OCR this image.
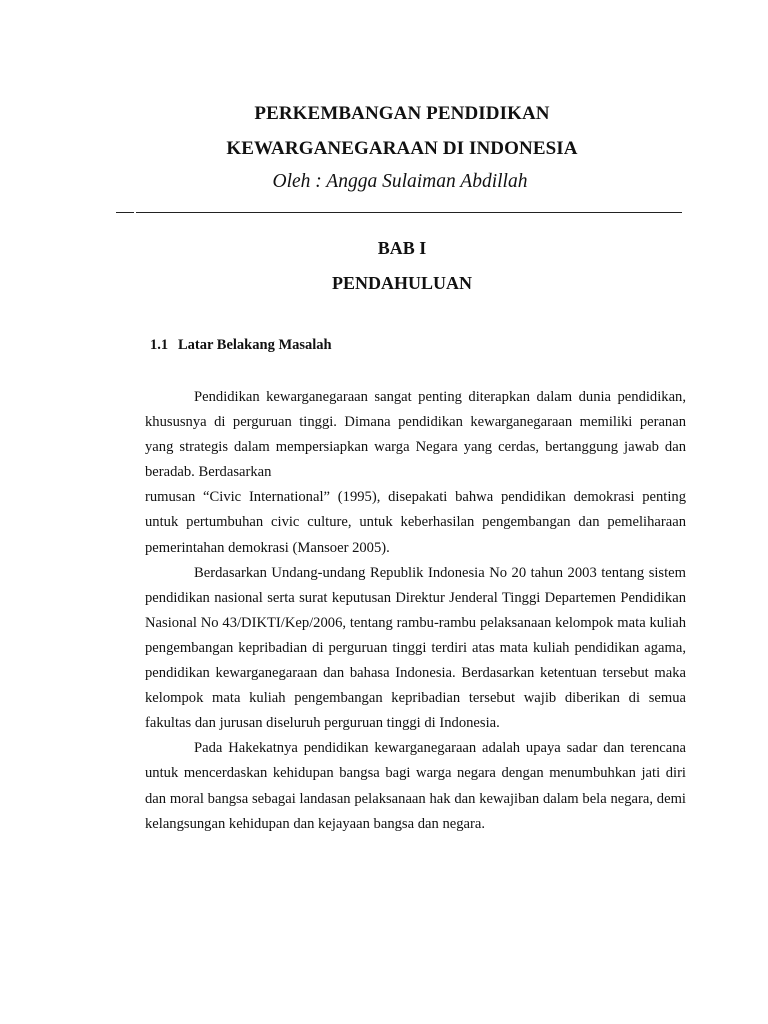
PERKEMBANGAN PENDIDIKAN
KEWARGANEGARAAN DI INDONESIA
Oleh : Angga Sulaiman Abdillah
BAB I
PENDAHULUAN
1.1 Latar Belakang Masalah

Pendidikan kewarganegaraan sangat penting diterapkan dalam dunia pendidikan, khususnya di perguruan tinggi. Dimana pendidikan kewarganegaraan memiliki peranan yang strategis dalam mempersiapkan warga Negara yang cerdas, bertanggung jawab dan beradab. Berdasarkan

rumusan “Civic International” (1995), disepakati bahwa pendidikan demokrasi penting untuk pertumbuhan civic culture, untuk keberhasilan pengembangan dan pemeliharaan pemerintahan demokrasi (Mansoer 2005).

Berdasarkan Undang-undang Republik Indonesia No 20 tahun 2003 tentang sistem pendidikan nasional serta surat keputusan Direktur Jenderal Tinggi Departemen Pendidikan Nasional No 43/DIKTI/Kep/2006, tentang rambu-rambu pelaksanaan kelompok mata kuliah pengembangan kepribadian di perguruan tinggi terdiri atas mata kuliah pendidikan agama, pendidikan kewarganegaraan dan bahasa Indonesia. Berdasarkan ketentuan tersebut maka kelompok mata kuliah pengembangan kepribadian tersebut wajib diberikan di semua fakultas dan jurusan diseluruh perguruan tinggi di Indonesia.

Pada Hakekatnya pendidikan kewarganegaraan adalah upaya sadar dan terencana untuk mencerdaskan kehidupan bangsa bagi warga negara dengan menumbuhkan jati diri dan moral bangsa sebagai landasan pelaksanaan hak dan kewajiban dalam bela negara, demi kelangsungan kehidupan dan kejayaan bangsa dan negara.
